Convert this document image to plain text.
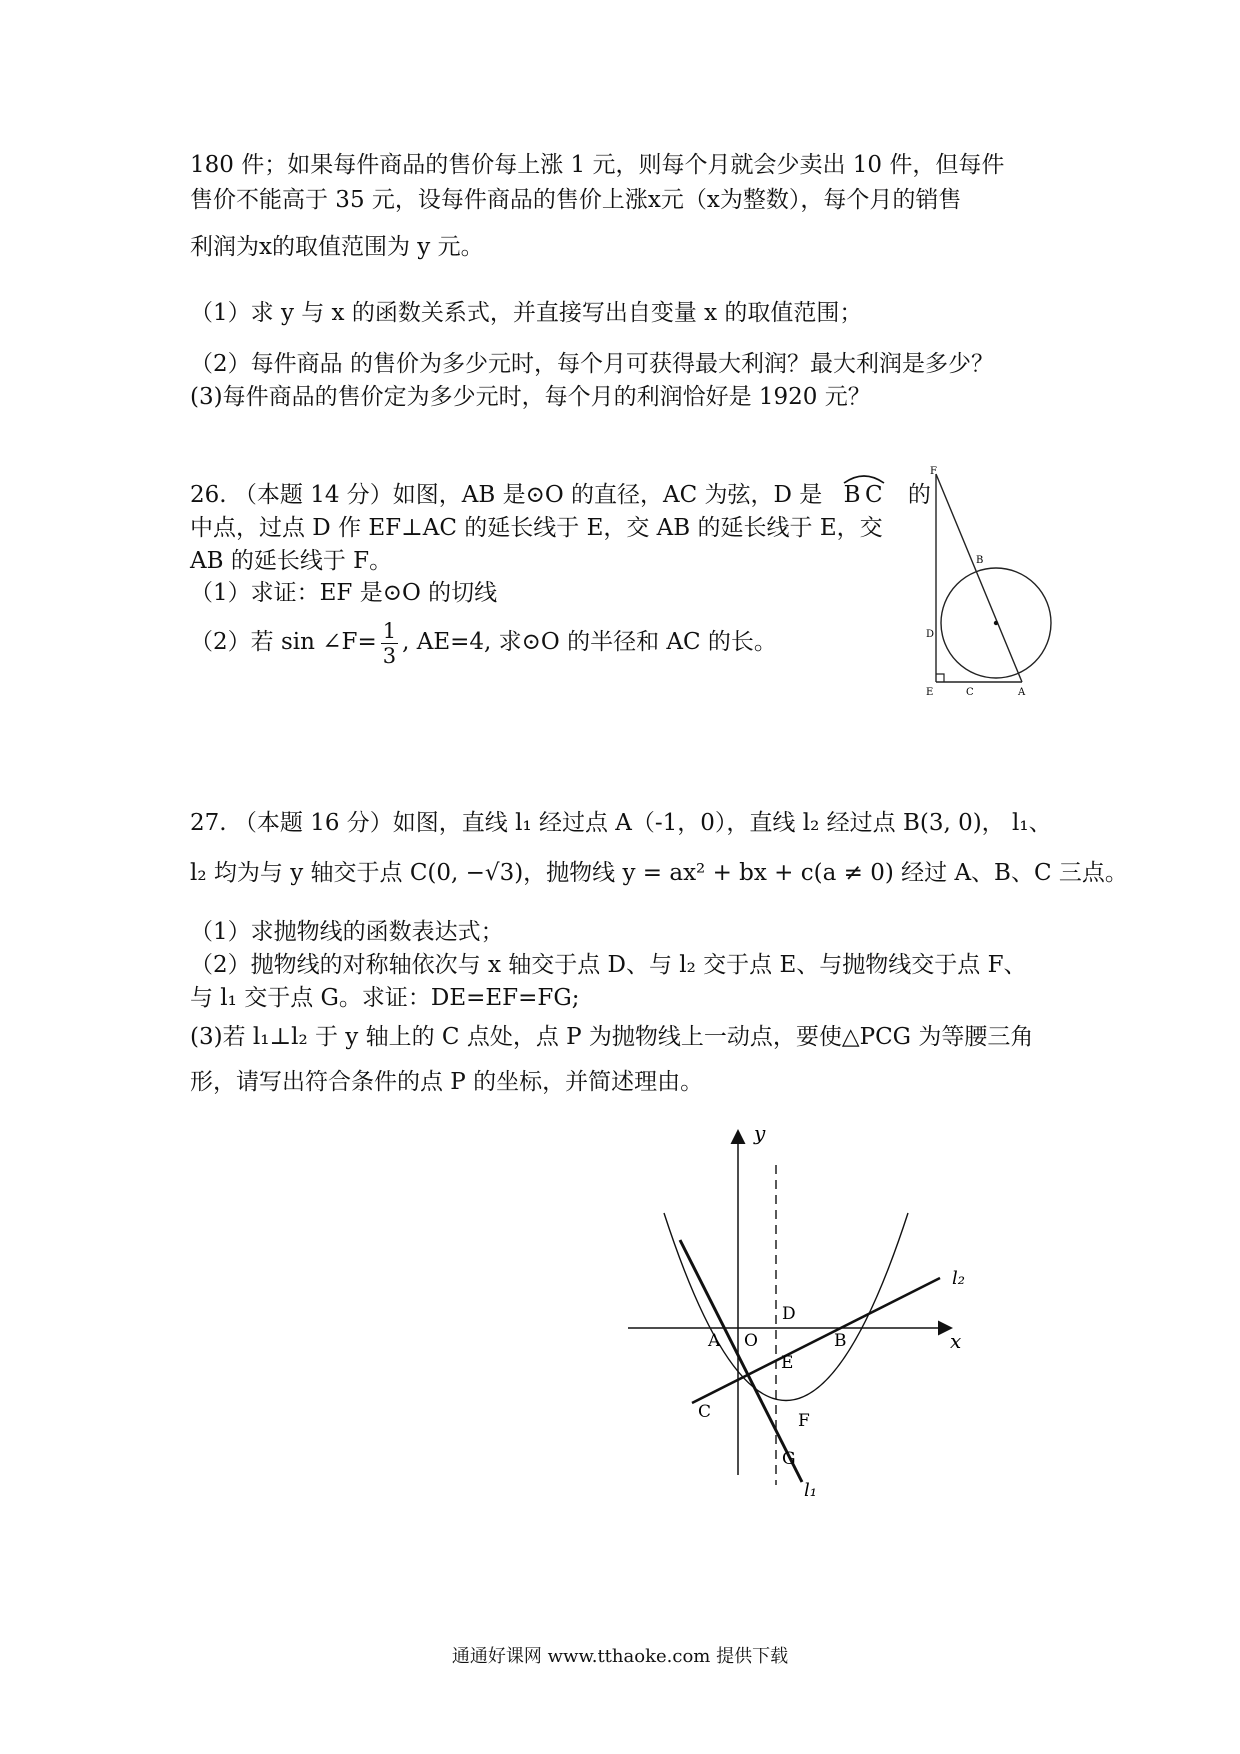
180 件；如果每件商品的售价每上涨 1 元，则每个月就会少卖出 10 件，但每件
售价不能高于 35 元，设每件商品的售价上涨x元（x为整数），每个月的销售
利润为x的取值范围为 y 元。
（1）求 y 与 x 的函数关系式，并直接写出自变量 x 的取值范围；
（2）每件商品 的售价为多少元时，每个月可获得最大利润？最大利润是多少？
(3)每件商品的售价定为多少元时，每个月的利润恰好是 1920 元？
26. （本题 14 分）如图，AB 是⊙O 的直径，AC 为弦，D 是 BC 的
中点，过点 D 作 EF⊥AC 的延长线于 E，交 AB 的延长线于 E，交
AB 的延长线于 F。
（1）求证：EF 是⊙O 的切线
（2）若 sin ∠F= $\frac{1}{3}$ , AE=4, 求⊙O 的半径和 AC 的长。
F
B
D
E	C	A
27. （本题 16 分）如图，直线 l₁ 经过点 A（-1，0），直线 l₂ 经过点 B(3, 0)， l₁、
l₂ 均为与 y 轴交于点 C(0, −√3)，抛物线 y = ax² + bx + c(a ≠ 0) 经过 A、B、C 三点。
（1）求抛物线的函数表达式；
（2）抛物线的对称轴依次与 x 轴交于点 D、与 l₂ 交于点 E、与抛物线交于点 F、
与 l₁ 交于点 G。求证：DE=EF=FG;
(3)若 l₁⊥l₂ 于 y 轴上的 C 点处，点 P 为抛物线上一动点，要使△PCG 为等腰三角
形，请写出符合条件的点 P 的坐标，并简述理由。
y
x
l₂
l₁
D
A O	B
E
C	F
G
通通好课网 www.tthaoke.com 提供下载
